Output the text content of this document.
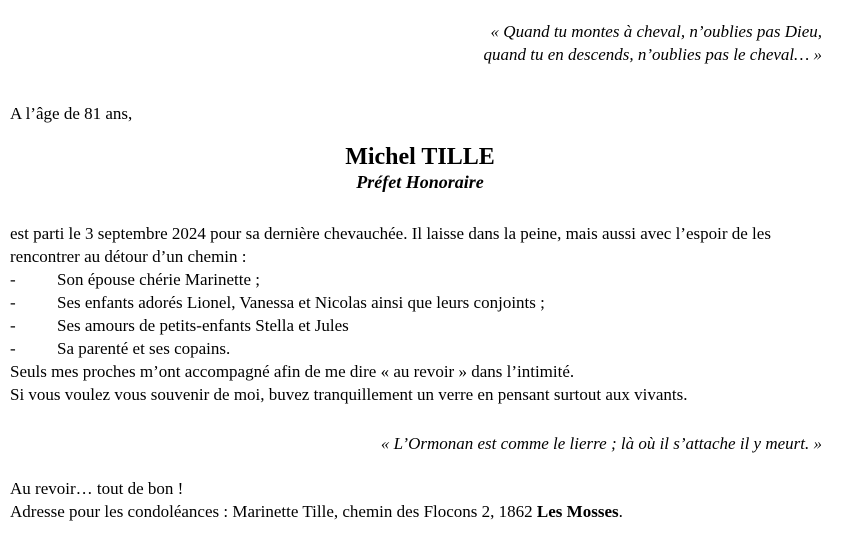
« Quand tu montes à cheval, n’oublies pas Dieu,
quand tu en descends, n’oublies pas le cheval… »

A l’âge de 81 ans,

Michel TILLE
Préfet Honoraire

est parti le 3 septembre 2024 pour sa dernière chevauchée. Il laisse dans la peine, mais aussi avec l’espoir de les rencontrer au détour d’un chemin :

-	Son épouse chérie Marinette ;
-	Ses enfants adorés Lionel, Vanessa et Nicolas ainsi que leurs conjoints ;
-	Ses amours de petits-enfants Stella et Jules
-	Sa parenté et ses copains.

Seuls mes proches m’ont accompagné afin de me dire « au revoir » dans l’intimité.

Si vous voulez vous souvenir de moi, buvez tranquillement un verre en pensant surtout aux vivants.

« L’Ormonan est comme le lierre ; là où il s’attache il y meurt. »

Au revoir… tout de bon !

Adresse pour les condoléances : Marinette Tille, chemin des Flocons 2, 1862 Les Mosses.
